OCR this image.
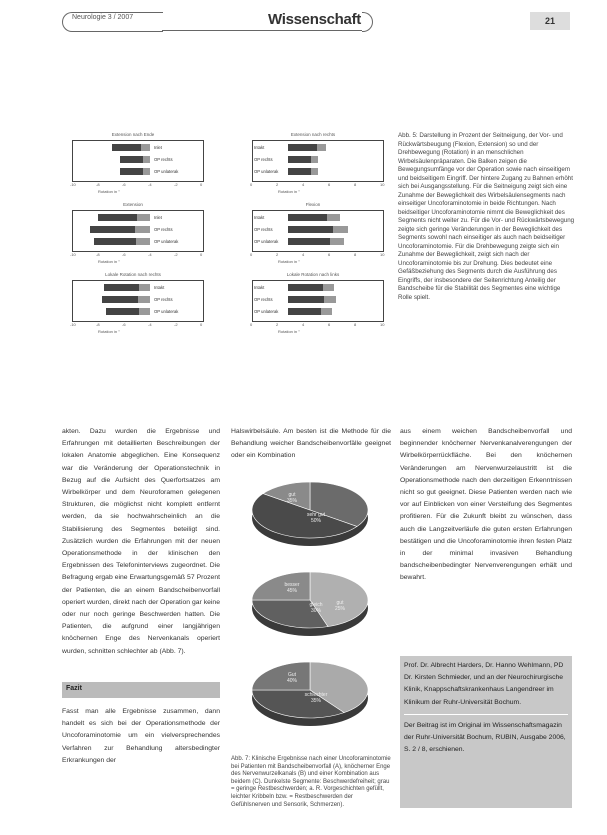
Neurologie 3 / 2007	Wissenschaft	21
Extension nach Ende
Inlet
OP rechts
OP unlaterak
-10	-8	-6	-4	-2	0
Rotation in °
Extension
Inlet
OP rechts
OP unlaterak
-10	-8	-6	-4	-2	0
Rotation in °
Lokale Rotation nach rechts
Intakt
OP rechts
OP unlaterak
-10	-8	-6	-4	-2	0
Rotation in °
Extension nach rechts
Intakt
OP rechts
OP unlaterak
0	2	4	6	8	10
Rotation in °
Flexion
Intakt
OP rechts
OP unlaterak
0	2	4	6	8	10
Rotation in °
Lokale Rotation nach links
Intakt
OP rechts
OP unlaterak
0	2	4	6	8	10
Rotation in °
Abb. 5: Darstellung in Prozent der Seitneigung, der Vor- und Rückwärtsbeugung (Flexion, Extension) so und der Drehbewegung (Rotation) in an menschlichen Wirbelsäulenpräparaten. Die Balken zeigen die Bewegungsumfänge vor der Operation sowie nach einseitigem und beidseitigem Eingriff. Der hintere Zugang zu Bahnen erhöht sich bei Ausgangsstellung. Für die Seitneigung zeigt sich eine Zunahme der Beweglichkeit des Wirbelsäulensegments nach einseitiger Uncoforaminotomie in beide Richtungen. Nach beidseitiger Uncoforaminotomie nimmt die Beweglichkeit des Segments nicht weiter zu. Für die Vor- und Rückwärtsbewegung zeigte sich geringe Veränderungen in der Beweglichkeit des Segments sowohl nach einseitiger als auch nach beidseitiger Uncoforaminotomie. Für die Drehbewegung zeigte sich ein Zunahme der Beweglichkeit, zeigt sich nach der Uncoforaminotomie bis zur Drehung. Dies bedeutet eine Gefäßbeziehung des Segments durch die Ausführung des Eingriffs, der insbesondere der Seitenrichtung Anteilig der Bandscheibe für die Stabilität des Segmentes eine wichtige Rolle spielt.
akten. Dazu wurden die Ergebnisse und Erfahrungen mit detaillierten Beschreibungen der lokalen Anatomie abgeglichen. Eine Konsequenz war die Veränderung der Operationstechnik in Bezug auf die Aufsicht des Querfortsatzes am Wirbelkörper und dem Neuroforamen gelegenen Strukturen, die möglichst nicht komplett entfernt werden, da sie hochwahrscheinlich an die Stabilisierung des Segmentes beteiligt sind. Zusätzlich wurden die Erfahrungen mit der neuen Operationsmethode in der klinischen den Ergebnissen des Telefoninterviews zugeordnet. Die Befragung ergab eine Erwartungsgemäß 57 Prozent der Patienten, die an einem Bandscheibenvorfall operiert wurden, direkt nach der Operation gar keine oder nur noch geringe Beschwerden hatten. Die Patienten, die aufgrund einer langjährigen knöchernen Enge des Nervenkanals operiert wurden, schnitten schlechter ab (Abb. 7).
Fazit
Fasst man alle Ergebnisse zusammen, dann handelt es sich bei der Operationsmethode der Uncoforaminotomie um ein vielversprechendes Verfahren zur Behandlung altersbedingter Erkrankungen der
Halswirbelsäule. Am besten ist die Methode für die Behandlung weicher Bandscheibenvorfälle geeignet oder ein Kombination
gut
35%
sehr gut
50%
besser
45%
gleich
30%
gut
25%
Gut
40%
schlechter
35%
Abb. 7: Klinische Ergebnisse nach einer Uncoforaminotomie bei Patienten mit Bandscheibenvorfall (A), knöcherner Enge des Nervenwurzelkanals (B) und einer Kombination aus beidem (C). Dunkelste Segmente: Beschwerdefreiheit; grau = geringe Restbeschwerden; a. R. Vorgeschichten gefüllt, leichter Kribbeln bzw. = Restbeschwerden der Gefühlsnerven und Sensorik, Schmerzen).
aus einem weichen Bandscheibenvorfall und beginnender knöcherner Nervenkanalverengungen der Wirbelkörperrückfläche. Bei den knöchernen Veränderungen am Nervenwurzelaustritt ist die Operationsmethode nach den derzeitigen Erkenntnissen nicht so gut geeignet. Diese Patienten werden nach wie vor auf Einblicken von einer Versteifung des Segmentes profitieren. Für die Zukunft bleibt zu wünschen, dass auch die Langzeitverläufe die guten ersten Erfahrungen bestätigen und die Uncoforaminotomie ihren festen Platz in der minimal invasiven Behandlung bandscheibenbedingter Nervenverengungen erhält und bewahrt.
Prof. Dr. Albrecht Harders, Dr. Hanno Wehlmann, PD Dr. Kirsten Schmieder, und an der Neurochirurgische Klinik, Knappschaftskrankenhaus Langendreer im Klinikum der Ruhr-Universität Bochum.
Der Beitrag ist im Original im Wissenschaftsmagazin der Ruhr-Universität Bochum, RUBIN, Ausgabe 2006, S. 2 / 8, erschienen.
